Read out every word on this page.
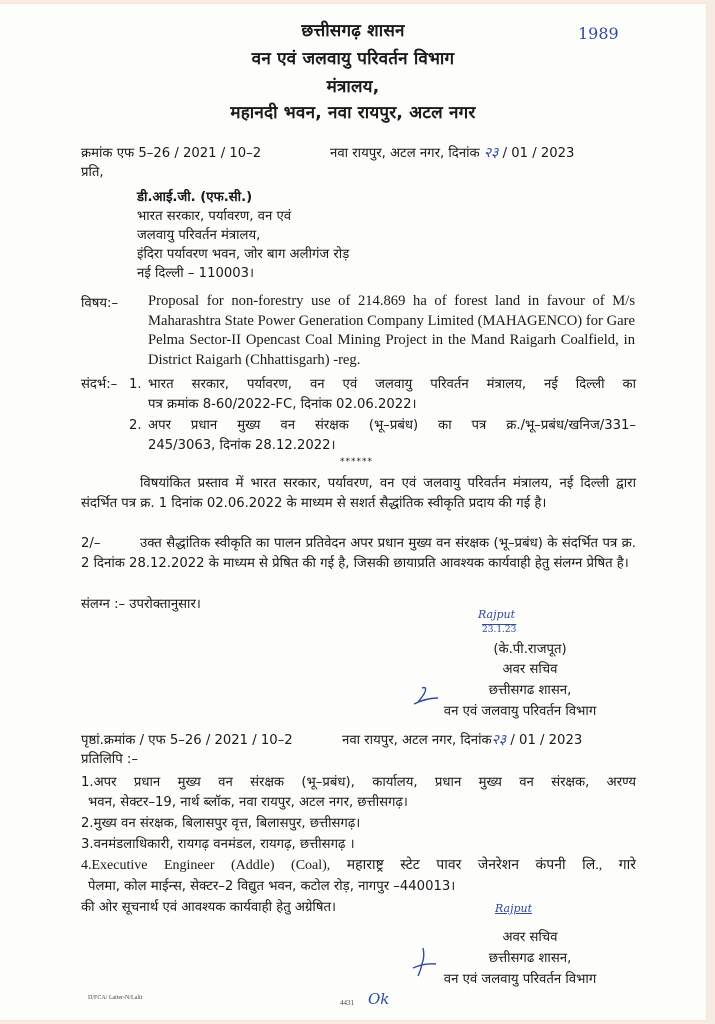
छत्तीसगढ़ शासन
वन एवं जलवायु परिवर्तन विभाग
मंत्रालय,
महानदी भवन, नवा रायपुर, अटल नगर
1989
क्रमांक एफ 5–26 / 2021 / 10–2	नवा रायपुर, अटल नगर, दिनांक २३ / 01 / 2023
प्रति,
डी.आई.जी. (एफ.सी.)
भारत सरकार, पर्यावरण, वन एवं
जलवायु परिवर्तन मंत्रालय,
इंदिरा पर्यावरण भवन, जोर बाग अलीगंज रोड़
नई दिल्ली – 110003।
विषय:– Proposal for non-forestry use of 214.869 ha of forest land in favour of M/s Maharashtra State Power Generation Company Limited (MAHAGENCO) for Gare Pelma Sector-II Opencast Coal Mining Project in the Mand Raigarh Coalfield, in District Raigarh (Chhattisgarh) -reg.
संदर्भ:– 1. भारत सरकार, पर्यावरण, वन एवं जलवायु परिवर्तन मंत्रालय, नई दिल्ली का
पत्र क्रमांक 8-60/2022-FC, दिनांक 02.06.2022।
2. अपर प्रधान मुख्य वन संरक्षक (भू–प्रबंध) का पत्र क्र./भू–प्रबंध/खनिज/331–
245/3063, दिनांक 28.12.2022।
******
विषयांकित प्रस्ताव में भारत सरकार, पर्यावरण, वन एवं जलवायु परिवर्तन मंत्रालय, नई दिल्ली द्वारा संदर्भित पत्र क्र. 1 दिनांक 02.06.2022 के माध्यम से सशर्त सैद्धांतिक स्वीकृति प्रदाय की गई है।
2/–	उक्त सैद्धांतिक स्वीकृति का पालन प्रतिवेदन अपर प्रधान मुख्य वन संरक्षक (भू–प्रबंध) के संदर्भित पत्र क्र. 2 दिनांक 28.12.2022 के माध्यम से प्रेषित की गई है, जिसकी छायाप्रति आवश्यक कार्यवाही हेतु संलग्न प्रेषित है।
संलग्न :– उपरोक्तानुसार।
Rajput
23.1.23
(के.पी.राजपूत)
अवर सचिव
छत्तीसगढ शासन,
वन एवं जलवायु परिवर्तन विभाग
पृष्ठां.क्रमांक / एफ 5–26 / 2021 / 10–2	नवा रायपुर, अटल नगर, दिनांक२३ / 01 / 2023
प्रतिलिपि :–
1.अपर प्रधान मुख्य वन संरक्षक (भू–प्रबंध), कार्यालय, प्रधान मुख्य वन संरक्षक, अरण्य
भवन, सेक्टर–19, नार्थ ब्लॉक, नवा रायपुर, अटल नगर, छत्तीसगढ़।
2.मुख्य वन संरक्षक, बिलासपुर वृत्त, बिलासपुर, छत्तीसगढ़।
3.वनमंडलाधिकारी, रायगढ़ वनमंडल, रायगढ़, छत्तीसगढ़ ।
4.Executive Engineer (Addle) (Coal), महाराष्ट्र स्टेट पावर जेनरेशन कंपनी लि., गारे
पेलमा, कोल माईन्स, सेक्टर–2 विद्युत भवन, कटोल रोड़, नागपुर –440013।
की ओर सूचनार्थ एवं आवश्यक कार्यवाही हेतु अग्रेषित।	Rajput
अवर सचिव
छत्तीसगढ शासन,
वन एवं जलवायु परिवर्तन विभाग
D/FCA/ Latter-N/Lalit
4431 Ok
